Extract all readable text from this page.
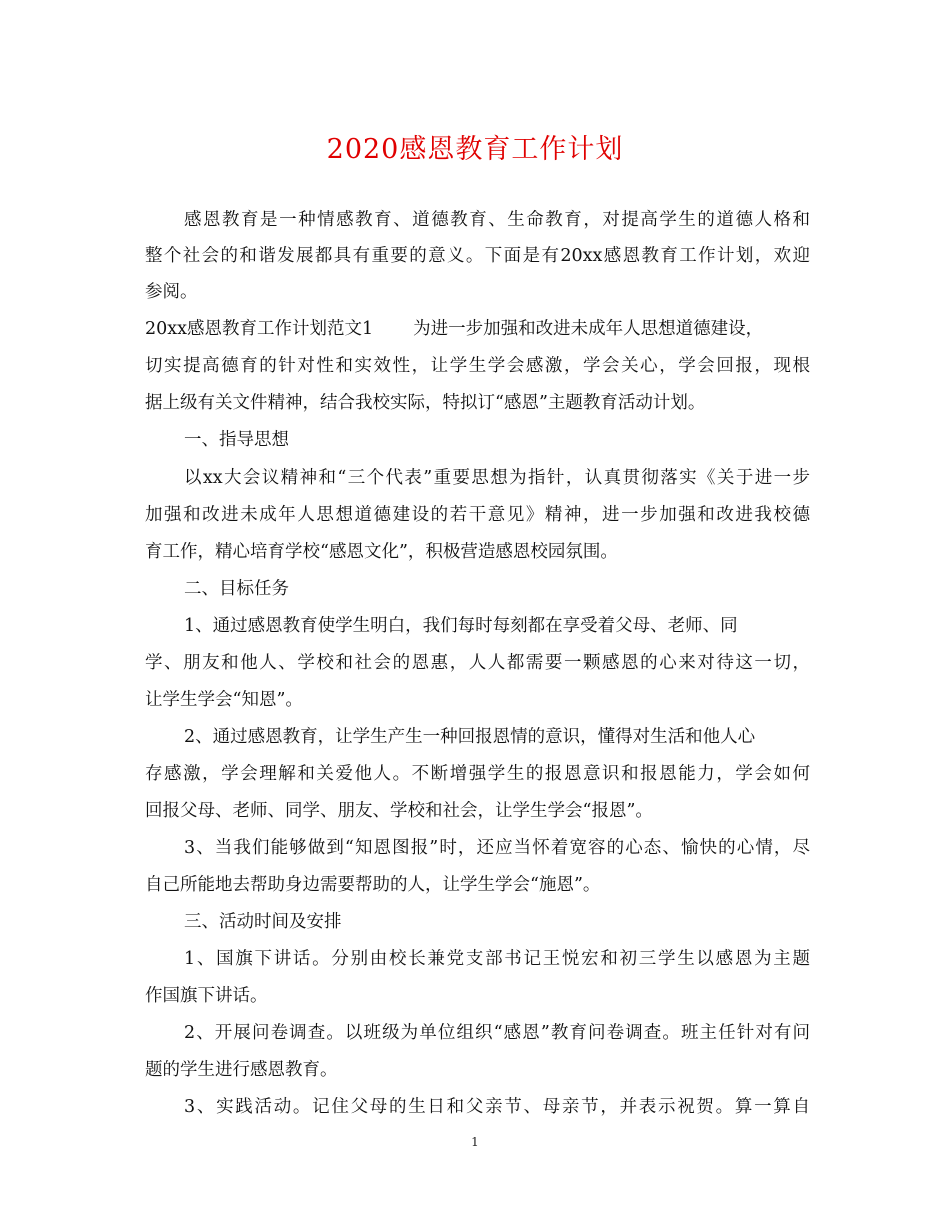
2020感恩教育工作计划
感恩教育是一种情感教育、道德教育、生命教育，对提高学生的道德人格和
整个社会的和谐发展都具有重要的意义。下面是有20xx感恩教育工作计划，欢迎
参阅。
20xx感恩教育工作计划范文1 为进一步加强和改进未成年人思想道德建设，
切实提高德育的针对性和实效性，让学生学会感激，学会关心，学会回报，现根
据上级有关文件精神，结合我校实际，特拟订“感恩”主题教育活动计划。
一、指导思想
以xx大会议精神和“三个代表”重要思想为指针，认真贯彻落实《关于进一步
加强和改进未成年人思想道德建设的若干意见》精神，进一步加强和改进我校德
育工作，精心培育学校“感恩文化”，积极营造感恩校园氛围。
二、目标任务
1、通过感恩教育使学生明白，我们每时每刻都在享受着父母、老师、同
学、朋友和他人、学校和社会的恩惠，人人都需要一颗感恩的心来对待这一切，
让学生学会“知恩”。
2、通过感恩教育，让学生产生一种回报恩情的意识，懂得对生活和他人心
存感激，学会理解和关爱他人。不断增强学生的报恩意识和报恩能力，学会如何
回报父母、老师、同学、朋友、学校和社会，让学生学会“报恩”。
3、当我们能够做到“知恩图报”时，还应当怀着宽容的心态、愉快的心情，尽
自己所能地去帮助身边需要帮助的人，让学生学会“施恩”。
三、活动时间及安排
1、国旗下讲话。分别由校长兼党支部书记王悦宏和初三学生以感恩为主题
作国旗下讲话。
2、开展问卷调查。以班级为单位组织“感恩”教育问卷调查。班主任针对有问
题的学生进行感恩教育。
3、实践活动。记住父母的生日和父亲节、母亲节，并表示祝贺。算一算自
1
